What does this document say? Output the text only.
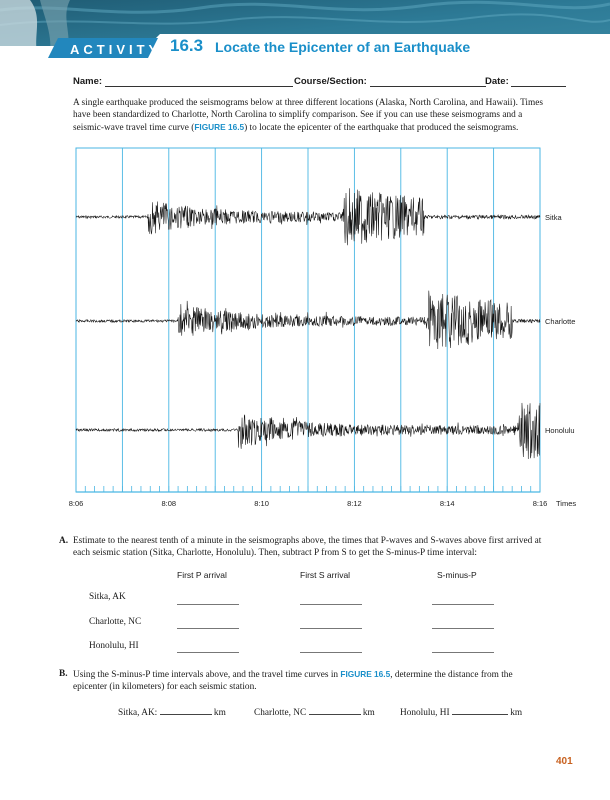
ACTIVITY 16.3 Locate the Epicenter of an Earthquake
Name:	Course/Section:	Date:
A single earthquake produced the seismograms below at three different locations (Alaska, North Carolina, and Hawaii). Times have been standardized to Charlotte, North Carolina to simplify comparison. See if you can use these seismograms and a seismic-wave travel time curve (FIGURE 16.5) to locate the epicenter of the earthquake that produced the seismograms.
8:06	8:08	8:10	8:12	8:14	8:16 Times
Sitka
Charlotte
Honolulu
A. Estimate to the nearest tenth of a minute in the seismographs above, the times that P-waves and S-waves above first arrived at each seismic station (Sitka, Charlotte, Honolulu). Then, subtract P from S to get the S-minus-P time interval:
First P arrival	First S arrival	S-minus-P
Sitka, AK
Charlotte, NC
Honolulu, HI
B. Using the S-minus-P time intervals above, and the travel time curves in FIGURE 16.5, determine the distance from the epicenter (in kilometers) for each seismic station.
Sitka, AK:	km	Charlotte, NC	km	Honolulu, HI	km
401
